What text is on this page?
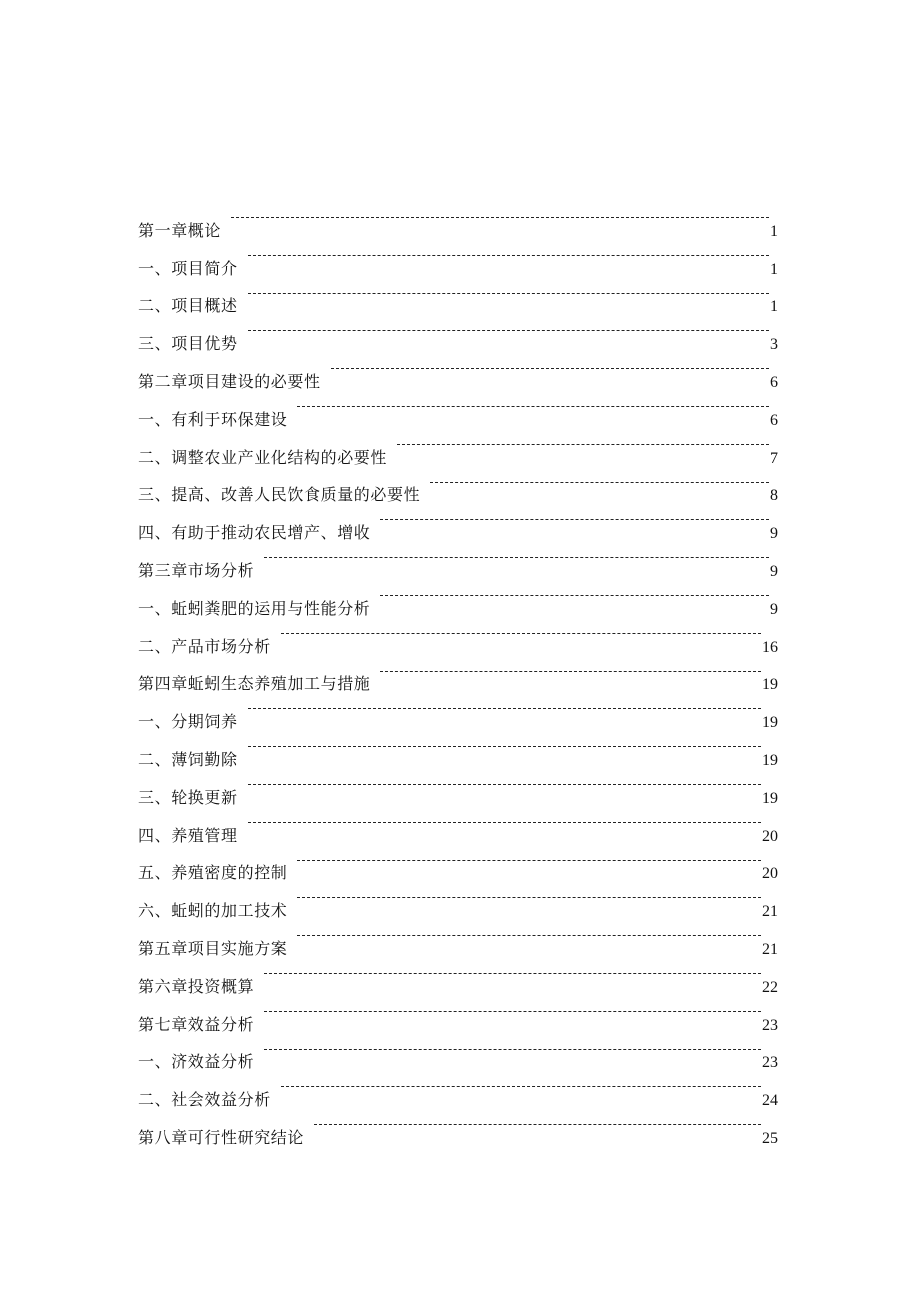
第一章概论	1
一、项目简介	1
二、项目概述	1
三、项目优势	3
第二章项目建设的必要性	6
一、有利于环保建设	6
二、调整农业产业化结构的必要性	7
三、提高、改善人民饮食质量的必要性	8
四、有助于推动农民增产、增收	9
第三章市场分析	9
一、蚯蚓粪肥的运用与性能分析	9
二、产品市场分析	16
第四章蚯蚓生态养殖加工与措施	19
一、分期饲养	19
二、薄饲勤除	19
三、轮换更新	19
四、养殖管理	20
五、养殖密度的控制	20
六、蚯蚓的加工技术	21
第五章项目实施方案	21
第六章投资概算	22
第七章效益分析	23
一、济效益分析	23
二、社会效益分析	24
第八章可行性研究结论	25
